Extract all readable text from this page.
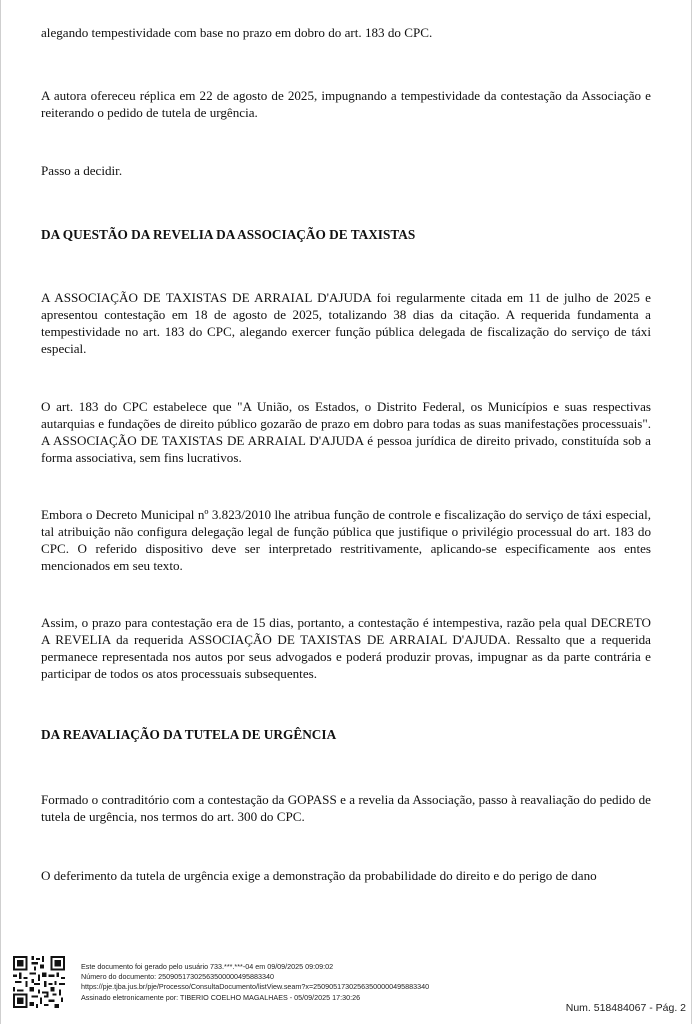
alegando tempestividade com base no prazo em dobro do art. 183 do CPC.

A autora ofereceu réplica em 22 de agosto de 2025, impugnando a tempestividade da contestação da Associação e reiterando o pedido de tutela de urgência.

Passo a decidir.

DA QUESTÃO DA REVELIA DA ASSOCIAÇÃO DE TAXISTAS

A ASSOCIAÇÃO DE TAXISTAS DE ARRAIAL D'AJUDA foi regularmente citada em 11 de julho de 2025 e apresentou contestação em 18 de agosto de 2025, totalizando 38 dias da citação. A requerida fundamenta a tempestividade no art. 183 do CPC, alegando exercer função pública delegada de fiscalização do serviço de táxi especial.

O art. 183 do CPC estabelece que "A União, os Estados, o Distrito Federal, os Municípios e suas respectivas autarquias e fundações de direito público gozarão de prazo em dobro para todas as suas manifestações processuais". A ASSOCIAÇÃO DE TAXISTAS DE ARRAIAL D'AJUDA é pessoa jurídica de direito privado, constituída sob a forma associativa, sem fins lucrativos.

Embora o Decreto Municipal nº 3.823/2010 lhe atribua função de controle e fiscalização do serviço de táxi especial, tal atribuição não configura delegação legal de função pública que justifique o privilégio processual do art. 183 do CPC. O referido dispositivo deve ser interpretado restritivamente, aplicando-se especificamente aos entes mencionados em seu texto.

Assim, o prazo para contestação era de 15 dias, portanto, a contestação é intempestiva, razão pela qual DECRETO A REVELIA da requerida ASSOCIAÇÃO DE TAXISTAS DE ARRAIAL D'AJUDA. Ressalto que a requerida permanece representada nos autos por seus advogados e poderá produzir provas, impugnar as da parte contrária e participar de todos os atos processuais subsequentes.

DA REAVALIAÇÃO DA TUTELA DE URGÊNCIA

Formado o contraditório com a contestação da GOPASS e a revelia da Associação, passo à reavaliação do pedido de tutela de urgência, nos termos do art. 300 do CPC.

O deferimento da tutela de urgência exige a demonstração da probabilidade do direito e do perigo de dano

Este documento foi gerado pelo usuário 733.***.***-04 em 09/09/2025 09:09:02
Número do documento: 25090517302563500000495883340
https://pje.tjba.jus.br/pje/Processo/ConsultaDocumento/listView.seam?x=25090517302563500000495883340
Assinado eletronicamente por: TIBERIO COELHO MAGALHAES - 05/09/2025 17:30:26
Num. 518484067 - Pág. 2
